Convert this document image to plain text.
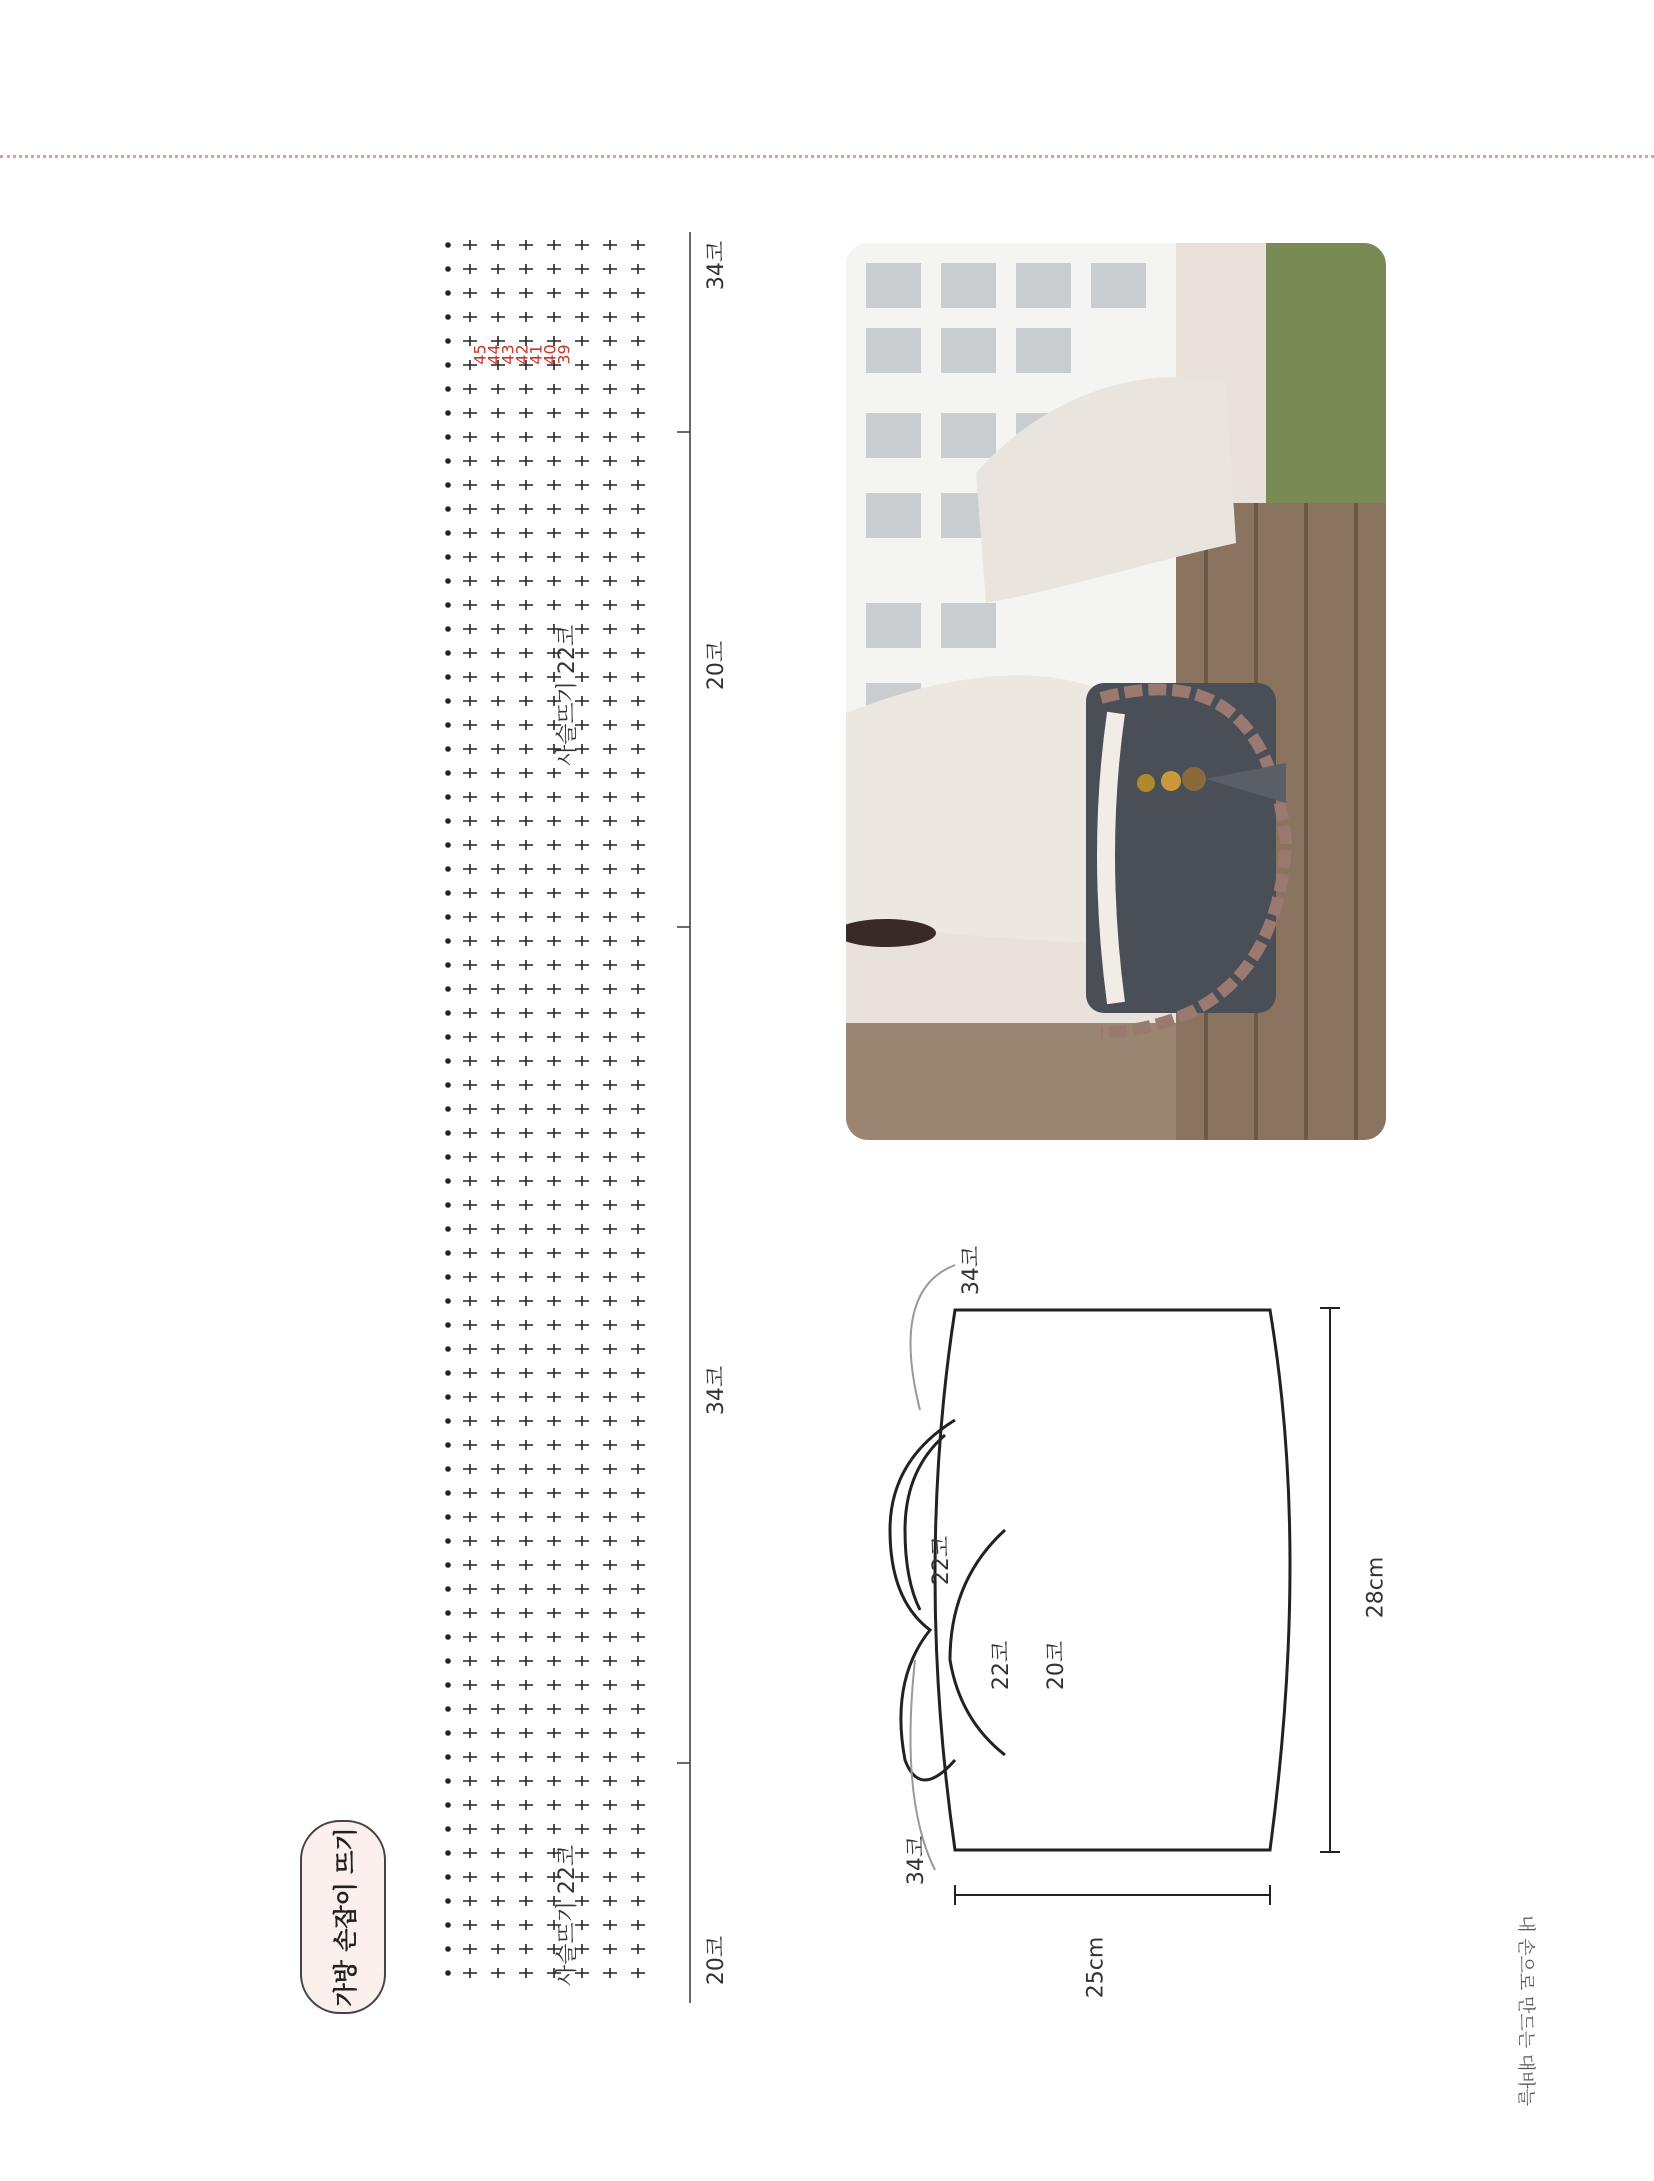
가방 손잡이 뜨기
34코
20코
34코
20코
사슬뜨기 22코
사슬뜨기 22코
45
44
43
42
41
40
39
34코
34코
22코
22코 20코
28cm
25cm	내 손으로 만드는 대바늘
